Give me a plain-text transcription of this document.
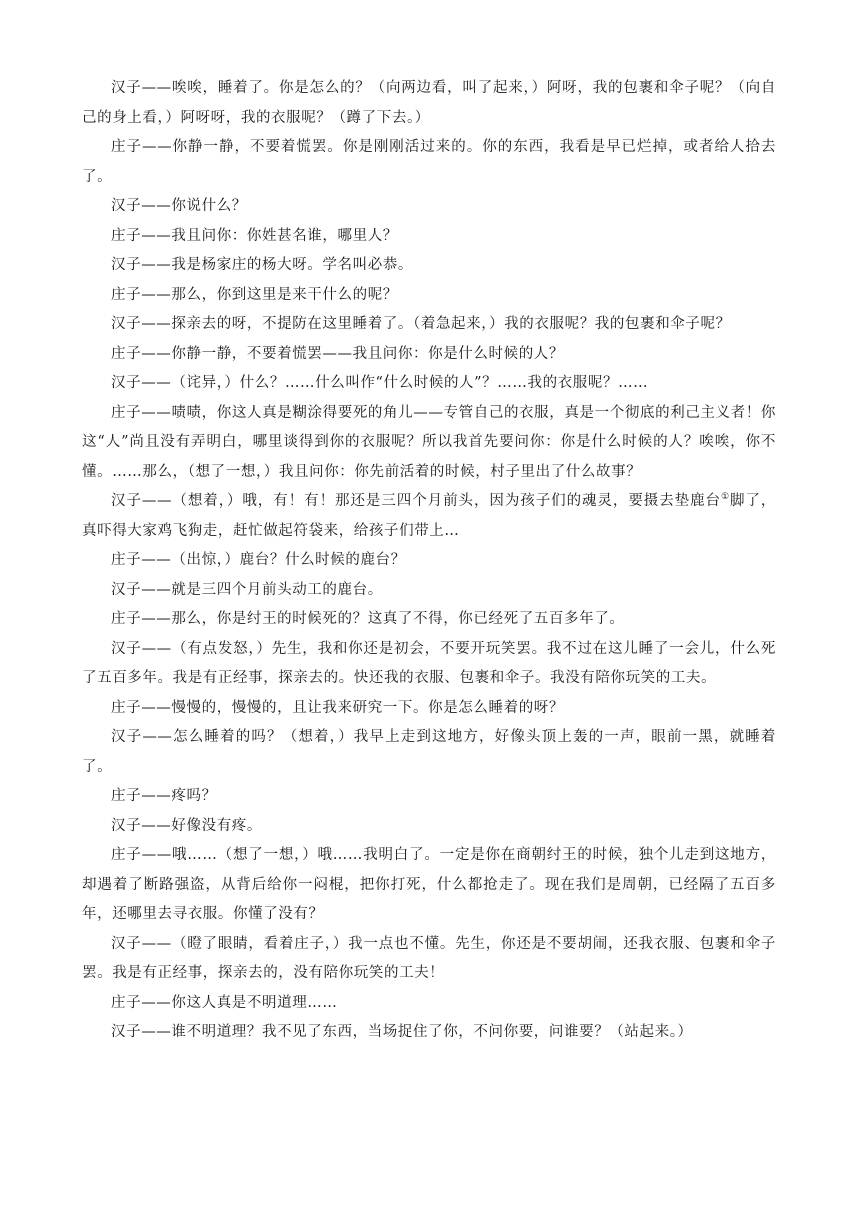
汉子——唉唉，睡着了。你是怎么的？（向两边看，叫了起来，）阿呀，我的包裹和伞子呢？（向自己的身上看，）阿呀呀，我的衣服呢？（蹲了下去。）

庄子——你静一静，不要着慌罢。你是刚刚活过来的。你的东西，我看是早已烂掉，或者给人拾去了。

汉子——你说什么？

庄子——我且问你：你姓甚名谁，哪里人？

汉子——我是杨家庄的杨大呀。学名叫必恭。

庄子——那么，你到这里是来干什么的呢？

汉子——探亲去的呀，不提防在这里睡着了。（着急起来，）我的衣服呢？我的包裹和伞子呢？

庄子——你静一静，不要着慌罢——我且问你：你是什么时候的人？

汉子——（诧异，）什么？……什么叫作“什么时候的人”？……我的衣服呢？……

庄子——啧啧，你这人真是糊涂得要死的角儿——专管自己的衣服，真是一个彻底的利己主义者！你这“人”尚且没有弄明白，哪里谈得到你的衣服呢？所以我首先要问你：你是什么时候的人？唉唉，你不懂。……那么，（想了一想，）我且问你：你先前活着的时候，村子里出了什么故事？

汉子——（想着，）哦，有！有！那还是三四个月前头，因为孩子们的魂灵，要摄去垫鹿台①脚了，真吓得大家鸡飞狗走，赶忙做起符袋来，给孩子们带上…

庄子——（出惊，）鹿台？什么时候的鹿台？

汉子——就是三四个月前头动工的鹿台。

庄子——那么，你是纣王的时候死的？这真了不得，你已经死了五百多年了。

汉子——（有点发怒，）先生，我和你还是初会，不要开玩笑罢。我不过在这儿睡了一会儿，什么死了五百多年。我是有正经事，探亲去的。快还我的衣服、包裹和伞子。我没有陪你玩笑的工夫。

庄子——慢慢的，慢慢的，且让我来研究一下。你是怎么睡着的呀？

汉子——怎么睡着的吗？（想着，）我早上走到这地方，好像头顶上轰的一声，眼前一黑，就睡着了。

庄子——疼吗？

汉子——好像没有疼。

庄子——哦……（想了一想，）哦……我明白了。一定是你在商朝纣王的时候，独个儿走到这地方，却遇着了断路强盗，从背后给你一闷棍，把你打死，什么都抢走了。现在我们是周朝，已经隔了五百多年，还哪里去寻衣服。你懂了没有？

汉子——（瞪了眼睛，看着庄子，）我一点也不懂。先生，你还是不要胡闹，还我衣服、包裹和伞子罢。我是有正经事，探亲去的，没有陪你玩笑的工夫！

庄子——你这人真是不明道理……

汉子——谁不明道理？我不见了东西，当场捉住了你，不问你要，问谁要？（站起来。）
